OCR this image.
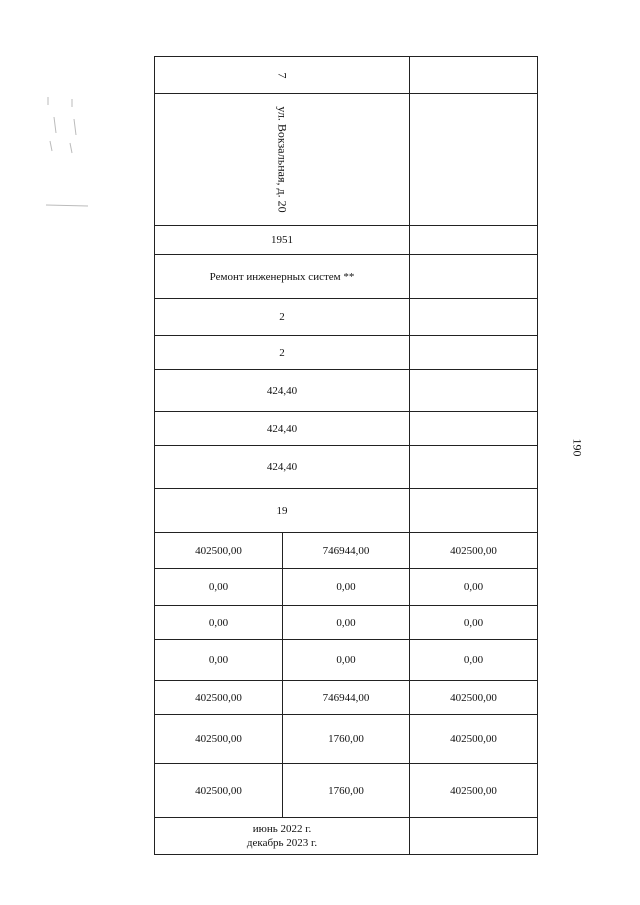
190
7		
ул. Вокзальная, д. 20		
1951		
Ремонт инженерных систем **		
2		
2		
424,40		
424,40		
424,40		
19		
402500,00	746944,00	402500,00
0,00	0,00	0,00
0,00	0,00	0,00
0,00	0,00	0,00
402500,00	746944,00	402500,00
402500,00	1760,00	402500,00
402500,00	1760,00	402500,00

июнь 2022 г.
декабрь 2023 г.		
